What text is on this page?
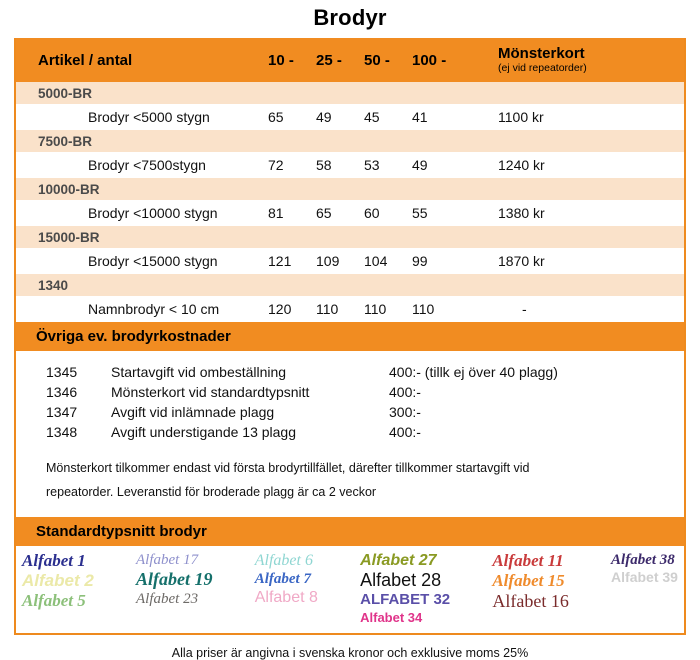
Brodyr
Artikel / antal	10 -	25 -	50 -	100 -	Mönsterkort
(ej vid repeatorder)
5000-BR
Brodyr <5000 stygn	65	49	45	41	1100 kr
7500-BR
Brodyr <7500stygn	72	58	53	49	1240 kr
10000-BR
Brodyr <10000 stygn	81	65	60	55	1380 kr
15000-BR
Brodyr <15000 stygn	121	109	104	99	1870 kr
1340
Namnbrodyr < 10 cm	120	110	110	110	-
Övriga ev. brodyrkostnader
1345	Startavgift vid ombeställning	400:- (tillk ej över 40 plagg)
1346	Mönsterkort vid standardtypsnitt	400:-
1347	Avgift vid inlämnade plagg	300:-
1348	Avgift understigande 13 plagg	400:-
Mönsterkort tilkommer endast vid första brodyrtillfället, därefter tillkommer startavgift vid
repeatorder. Leveranstid för broderade plagg är ca 2 veckor
Standardtypsnitt brodyr
Alfabet 1
Alfabet 2
Alfabet 5
Alfabet 17
Alfabet 19
Alfabet 23
Alfabet 6
Alfabet 7
Alfabet 8
Alfabet 27
Alfabet 28
ALFABET 32
Alfabet 34
Alfabet 11
Alfabet 15
Alfabet 16
Alfabet 38
Alfabet 39
Alla priser är angivna i svenska kronor och exklusive moms 25%
